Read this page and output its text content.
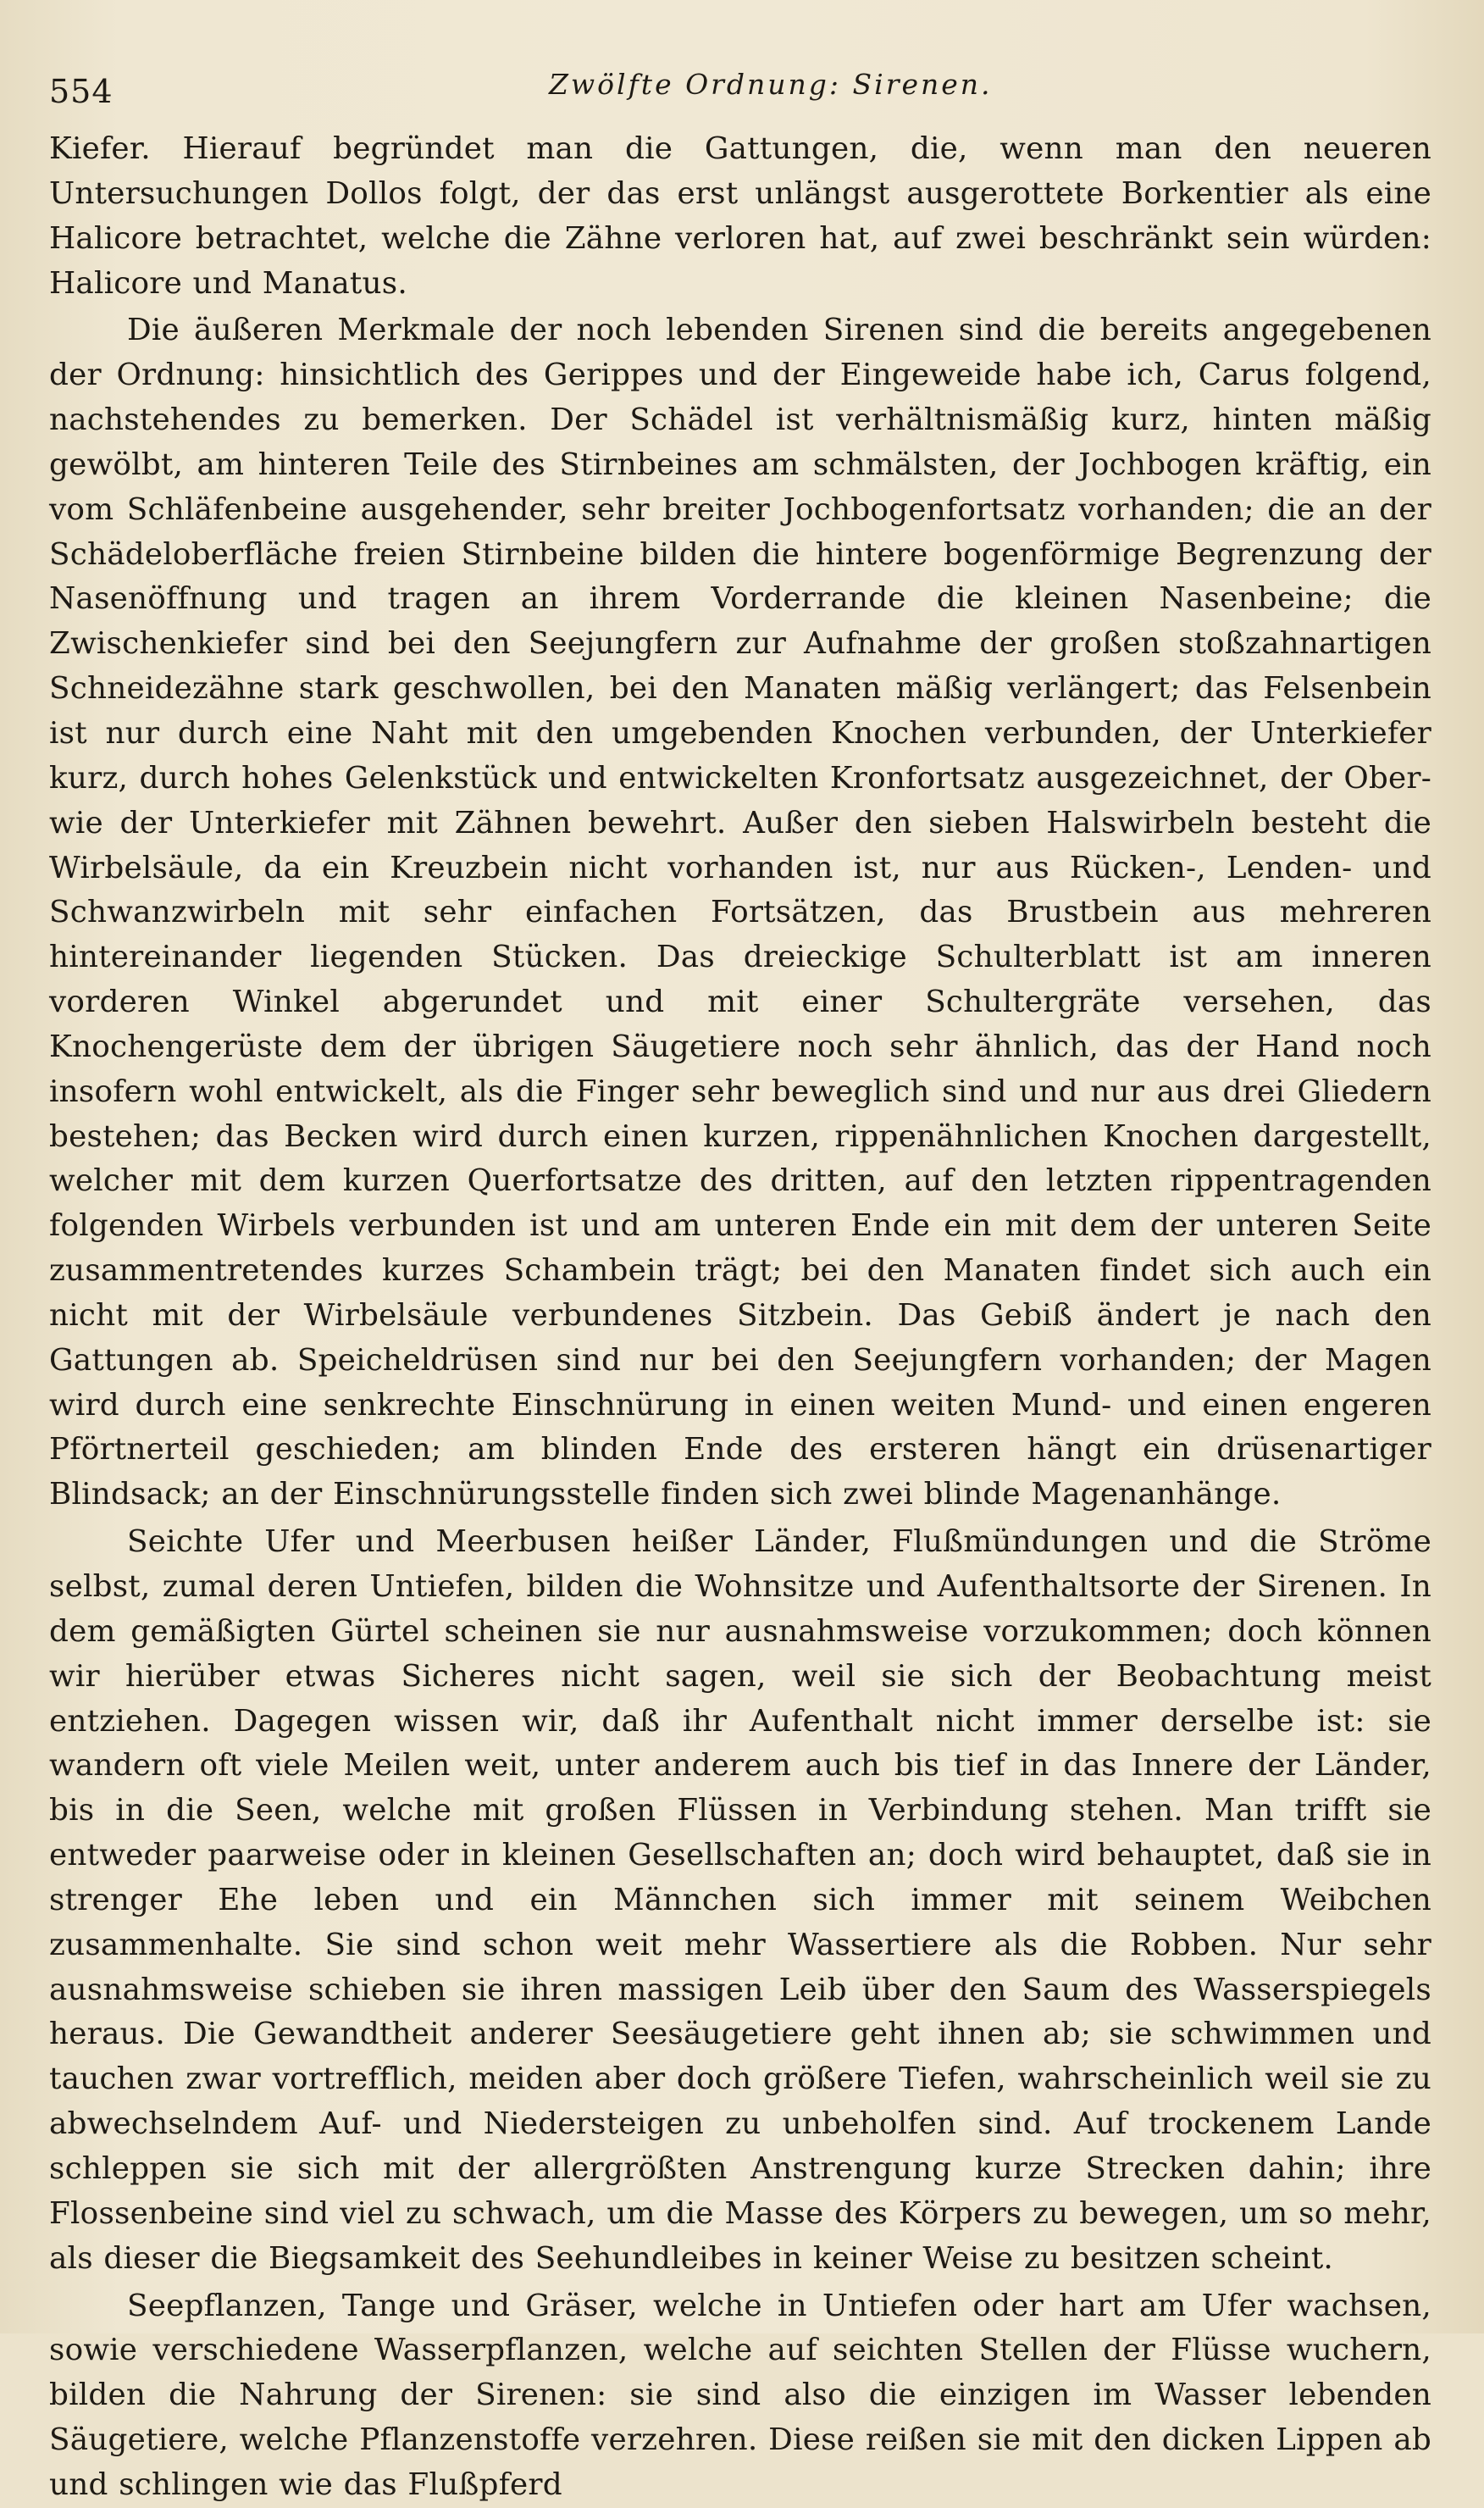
554	Zwölfte Ordnung: Sirenen.

Kiefer. Hierauf begründet man die Gattungen, die, wenn man den neueren Untersuchungen Dollos folgt, der das erst unlängst ausgerottete Borkentier als eine Halicore betrachtet, welche die Zähne verloren hat, auf zwei beschränkt sein würden: Halicore und Manatus.

Die äußeren Merkmale der noch lebenden Sirenen sind die bereits angegebenen der Ordnung: hinsichtlich des Gerippes und der Eingeweide habe ich, Carus folgend, nachstehendes zu bemerken. Der Schädel ist verhältnismäßig kurz, hinten mäßig gewölbt, am hinteren Teile des Stirnbeines am schmälsten, der Jochbogen kräftig, ein vom Schläfenbeine ausgehender, sehr breiter Jochbogenfortsatz vorhanden; die an der Schädeloberfläche freien Stirnbeine bilden die hintere bogenförmige Begrenzung der Nasenöffnung und tragen an ihrem Vorderrande die kleinen Nasenbeine; die Zwischenkiefer sind bei den Seejungfern zur Aufnahme der großen stoßzahnartigen Schneidezähne stark geschwollen, bei den Manaten mäßig verlängert; das Felsenbein ist nur durch eine Naht mit den umgebenden Knochen verbunden, der Unterkiefer kurz, durch hohes Gelenkstück und entwickelten Kronfortsatz ausgezeichnet, der Ober- wie der Unterkiefer mit Zähnen bewehrt. Außer den sieben Halswirbeln besteht die Wirbelsäule, da ein Kreuzbein nicht vorhanden ist, nur aus Rücken-, Lenden- und Schwanzwirbeln mit sehr einfachen Fortsätzen, das Brustbein aus mehreren hintereinander liegenden Stücken. Das dreieckige Schulterblatt ist am inneren vorderen Winkel abgerundet und mit einer Schultergräte versehen, das Knochengerüste dem der übrigen Säugetiere noch sehr ähnlich, das der Hand noch insofern wohl entwickelt, als die Finger sehr beweglich sind und nur aus drei Gliedern bestehen; das Becken wird durch einen kurzen, rippenähnlichen Knochen dargestellt, welcher mit dem kurzen Querfortsatze des dritten, auf den letzten rippentragenden folgenden Wirbels verbunden ist und am unteren Ende ein mit dem der unteren Seite zusammentretendes kurzes Schambein trägt; bei den Manaten findet sich auch ein nicht mit der Wirbelsäule verbundenes Sitzbein. Das Gebiß ändert je nach den Gattungen ab. Speicheldrüsen sind nur bei den Seejungfern vorhanden; der Magen wird durch eine senkrechte Einschnürung in einen weiten Mund- und einen engeren Pförtnerteil geschieden; am blinden Ende des ersteren hängt ein drüsenartiger Blindsack; an der Einschnürungsstelle finden sich zwei blinde Magenanhänge.

Seichte Ufer und Meerbusen heißer Länder, Flußmündungen und die Ströme selbst, zumal deren Untiefen, bilden die Wohnsitze und Aufenthaltsorte der Sirenen. In dem gemäßigten Gürtel scheinen sie nur ausnahmsweise vorzukommen; doch können wir hierüber etwas Sicheres nicht sagen, weil sie sich der Beobachtung meist entziehen. Dagegen wissen wir, daß ihr Aufenthalt nicht immer derselbe ist: sie wandern oft viele Meilen weit, unter anderem auch bis tief in das Innere der Länder, bis in die Seen, welche mit großen Flüssen in Verbindung stehen. Man trifft sie entweder paarweise oder in kleinen Gesellschaften an; doch wird behauptet, daß sie in strenger Ehe leben und ein Männchen sich immer mit seinem Weibchen zusammenhalte. Sie sind schon weit mehr Wassertiere als die Robben. Nur sehr ausnahmsweise schieben sie ihren massigen Leib über den Saum des Wasserspiegels heraus. Die Gewandtheit anderer Seesäugetiere geht ihnen ab; sie schwimmen und tauchen zwar vortrefflich, meiden aber doch größere Tiefen, wahrscheinlich weil sie zu abwechselndem Auf- und Niedersteigen zu unbeholfen sind. Auf trockenem Lande schleppen sie sich mit der allergrößten Anstrengung kurze Strecken dahin; ihre Flossenbeine sind viel zu schwach, um die Masse des Körpers zu bewegen, um so mehr, als dieser die Biegsamkeit des Seehundleibes in keiner Weise zu besitzen scheint.

Seepflanzen, Tange und Gräser, welche in Untiefen oder hart am Ufer wachsen, sowie verschiedene Wasserpflanzen, welche auf seichten Stellen der Flüsse wuchern, bilden die Nahrung der Sirenen: sie sind also die einzigen im Wasser lebenden Säugetiere, welche Pflanzenstoffe verzehren. Diese reißen sie mit den dicken Lippen ab und schlingen wie das Flußpferd
